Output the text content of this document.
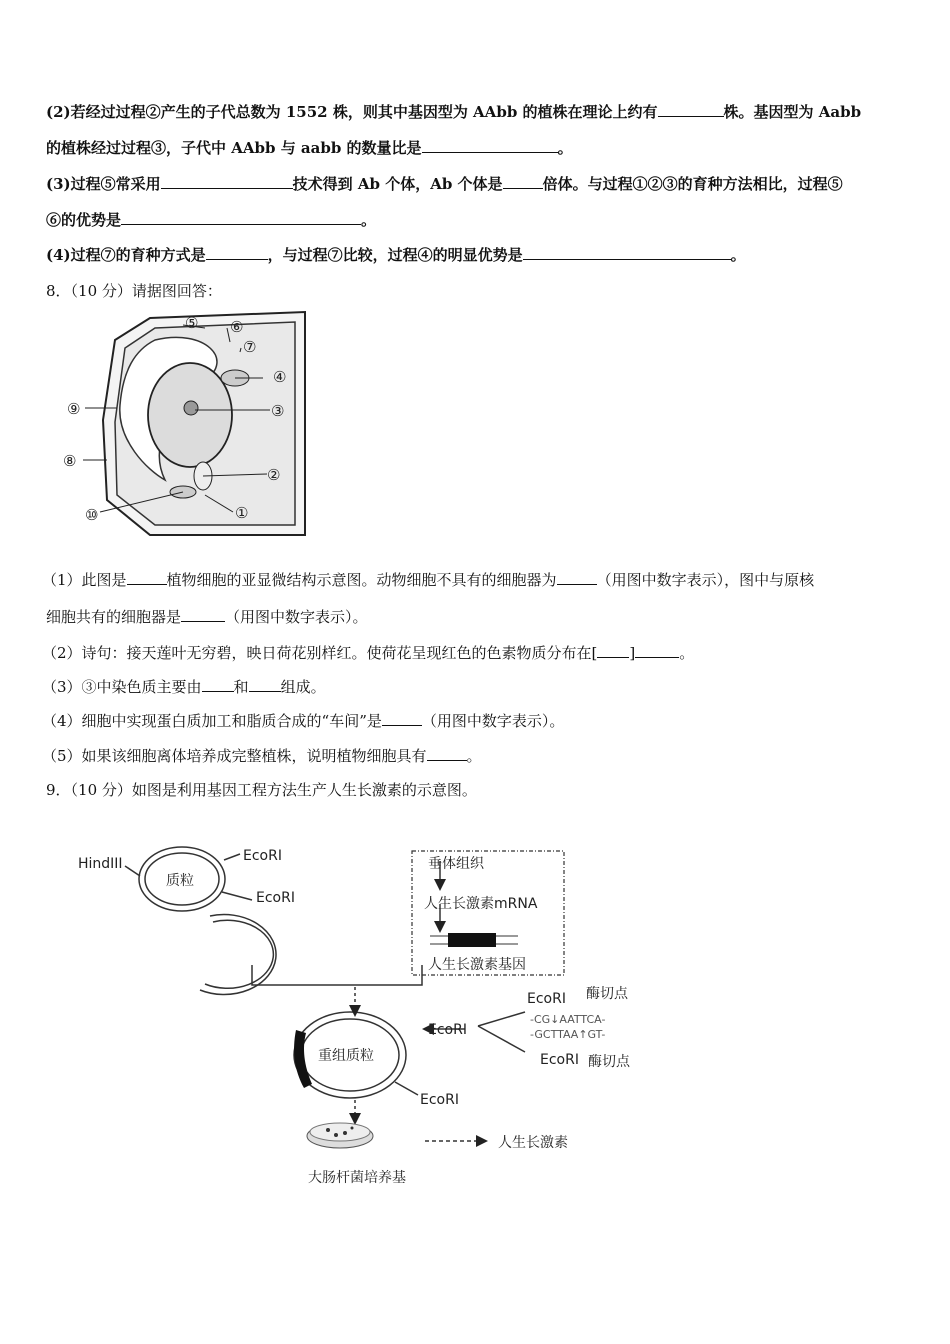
(2)若经过过程②产生的子代总数为 1552 株，则其中基因型为 AAbb 的植株在理论上约有	株。基因型为 Aabb
的植株经过过程③，子代中 AAbb 与 aabb 的数量比是	。
(3)过程⑤常采用	技术得到 Ab 个体，Ab 个体是	倍体。与过程①②③的育种方法相比，过程⑤
⑥的优势是	。
(4)过程⑦的育种方式是	，与过程⑦比较，过程④的明显优势是	。
8．（10 分）请据图回答：
①
②
③
④
⑤ ⑥
⑦
⑧
⑨
⑩
（1）此图是	植物细胞的亚显微结构示意图。动物细胞不具有的细胞器为	（用图中数字表示），图中与原核
细胞共有的细胞器是	（用图中数字表示）。
（2）诗句：接天莲叶无穷碧，映日荷花别样红。使荷花呈现红色的色素物质分布在[ ]	。
（3）③中染色质主要由 和 组成。
（4）细胞中实现蛋白质加工和脂质合成的“车间”是	（用图中数字表示）。
（5）如果该细胞离体培养成完整植株，说明植物细胞具有	。
9．（10 分）如图是利用基因工程方法生产人生长激素的示意图。
HindIII
质粒
EcoRI
EcoRI
垂体组织
人生长激素mRNA
人生长激素基因
重组质粒
EcoRI
EcoRI
EcoRI 酶切点
EcoRI 酶切点
人生长激素
大肠杆菌培养基
-CG↓AATTCA-
-GCTTAA↑GT-
